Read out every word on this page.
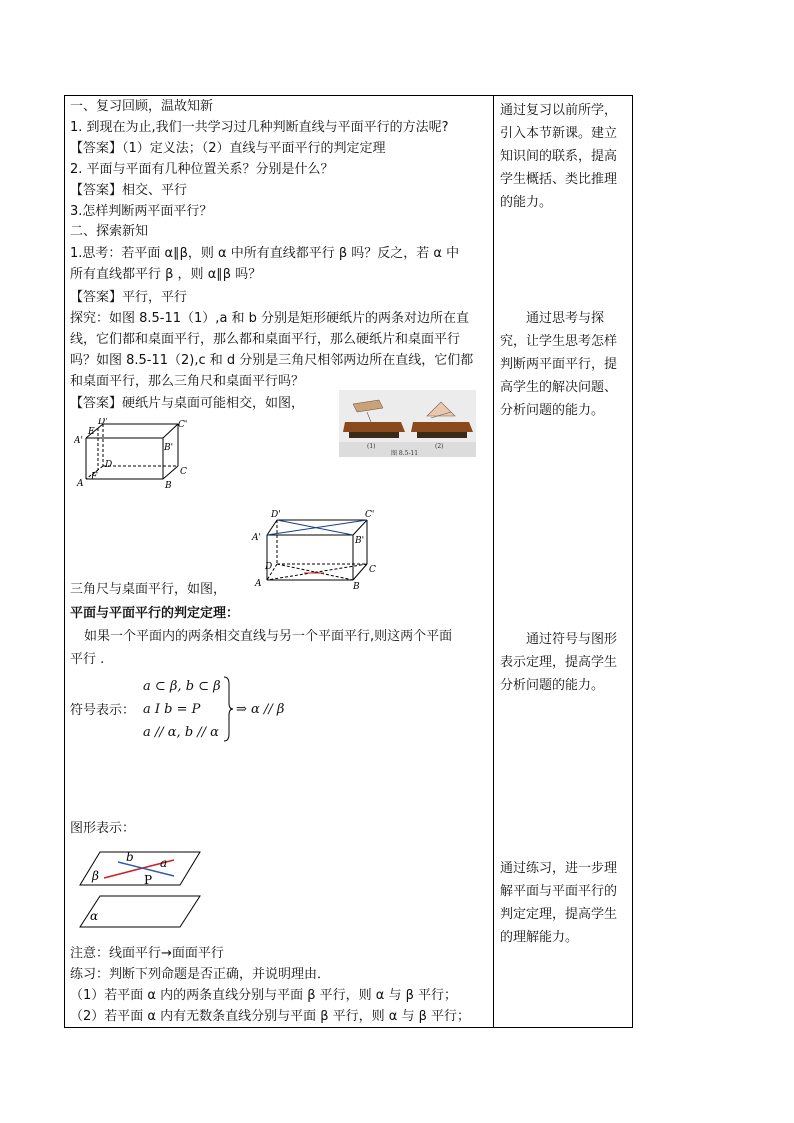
一、复习回顾，温故知新
1. 到现在为止,我们一共学习过几种判断直线与平面平行的方法呢?
【答案】（1）定义法；（2）直线与平面平行的判定定理
2. 平面与平面有几种位置关系？分别是什么？
【答案】相交、平行
3.怎样判断两平面平行？
二、探索新知
1.思考：若平面 α∥β，则 α 中所有直线都平行 β 吗？反之，若 α 中
所有直线都平行 β ，则 α∥β 吗？
【答案】平行，平行
探究：如图 8.5-11（1）,a 和 b 分别是矩形硬纸片的两条对边所在直
线，它们都和桌面平行，那么都和桌面平行，那么硬纸片和桌面平行
吗？如图 8.5-11（2),c 和 d 分别是三角尺相邻两边所在直线，它们都
和桌面平行，那么三角尺和桌面平行吗？
【答案】硬纸片与桌面可能相交，如图，
D'	C'
E
A'
B'
D
F	C
A	B
(1)	(2)
图 8.5-11
D'	C'
A'	B'
D	C
A	B
三角尺与桌面平行，如图，
平面与平面平行的判定定理：
如果一个平面内的两条相交直线与另一个平面平行,则这两个平面
平行 .
符号表示：
a ⊂ β, b ⊂ β
a I b = P
a // α, b // α
⇒ α // β
图形表示：
b a
β	P
α
注意：线面平行→面面平行
练习：判断下列命题是否正确，并说明理由．
（1）若平面 α 内的两条直线分别与平面 β 平行，则 α 与 β 平行；
（2）若平面 α 内有无数条直线分别与平面 β 平行，则 α 与 β 平行；
通过复习以前所学，引入本节新课。建立知识间的联系，提高学生概括、类比推理的能力。
　　通过思考与探究，让学生思考怎样判断两平面平行，提高学生的解决问题、分析问题的能力。
　　通过符号与图形表示定理，提高学生分析问题的能力。
通过练习，进一步理解平面与平面平行的判定定理，提高学生的理解能力。
